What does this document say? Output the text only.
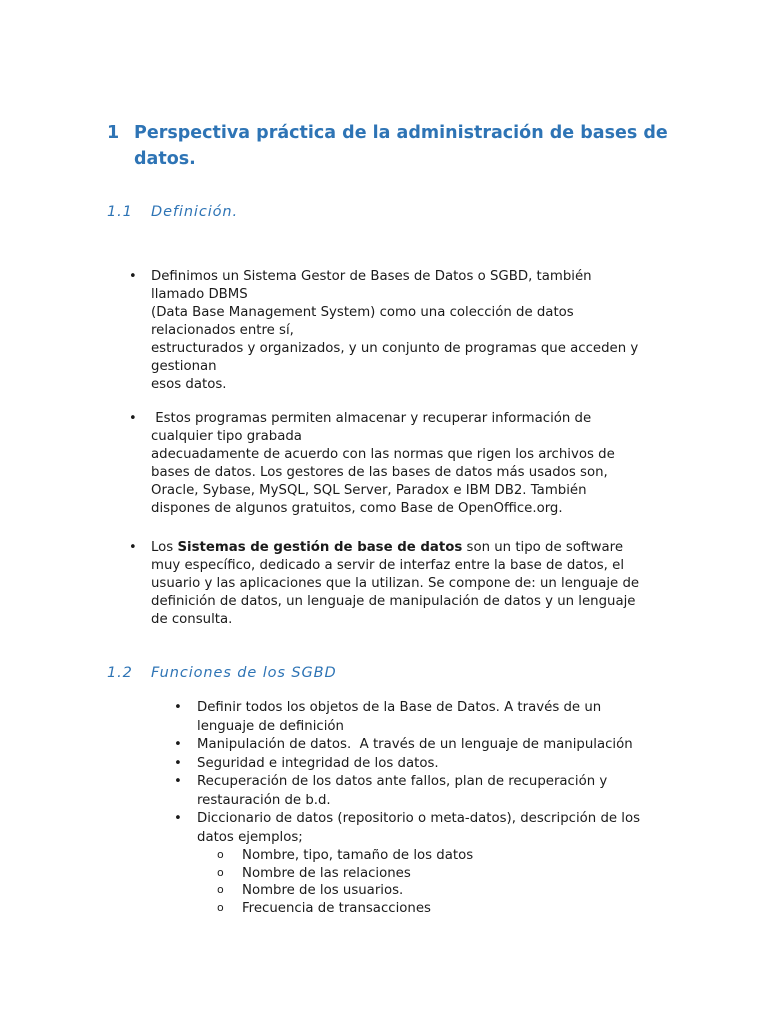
1 Perspectiva práctica de la administración de bases de datos.
1.1 Definición.
• Definimos un Sistema Gestor de Bases de Datos o SGBD, también
llamado DBMS
(Data Base Management System) como una colección de datos
relacionados entre sí,
estructurados y organizados, y un conjunto de programas que acceden y
gestionan
esos datos.
• Estos programas permiten almacenar y recuperar información de
cualquier tipo grabada
adecuadamente de acuerdo con las normas que rigen los archivos de
bases de datos. Los gestores de las bases de datos más usados son,
Oracle, Sybase, MySQL, SQL Server, Paradox e IBM DB2. También
dispones de algunos gratuitos, como Base de OpenOffice.org.
• Los Sistemas de gestión de base de datos son un tipo de software
muy específico, dedicado a servir de interfaz entre la base de datos, el
usuario y las aplicaciones que la utilizan. Se compone de: un lenguaje de
definición de datos, un lenguaje de manipulación de datos y un lenguaje
de consulta.
1.2 Funciones de los SGBD
• Definir todos los objetos de la Base de Datos. A través de un
lenguaje de definición
• Manipulación de datos.  A través de un lenguaje de manipulación
• Seguridad e integridad de los datos.
• Recuperación de los datos ante fallos, plan de recuperación y
restauración de b.d.
• Diccionario de datos (repositorio o meta-datos), descripción de los
datos ejemplos;
o Nombre, tipo, tamaño de los datos
o Nombre de las relaciones
o Nombre de los usuarios.
o Frecuencia de transacciones
